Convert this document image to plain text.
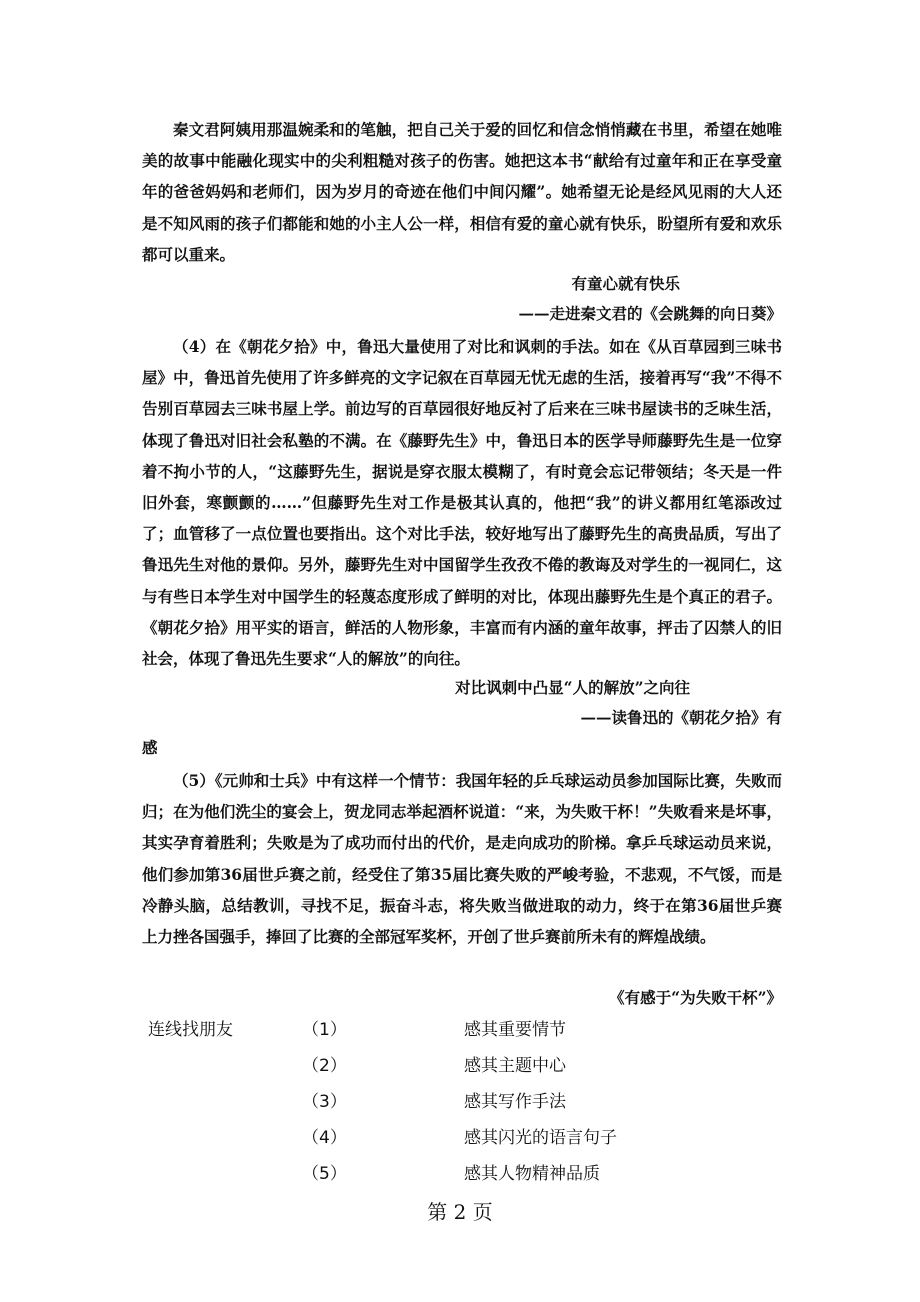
秦文君阿姨用那温婉柔和的笔触，把自己关于爱的回忆和信念悄悄藏在书里，希望在她唯美的故事中能融化现实中的尖利粗糙对孩子的伤害。她把这本书“献给有过童年和正在享受童年的爸爸妈妈和老师们，因为岁月的奇迹在他们中间闪耀”。她希望无论是经风见雨的大人还是不知风雨的孩子们都能和她的小主人公一样，相信有爱的童心就有快乐，盼望所有爱和欢乐都可以重来。

有童心就有快乐

——走进秦文君的《会跳舞的向日葵》

（4）在《朝花夕拾》中，鲁迅大量使用了对比和讽刺的手法。如在《从百草园到三味书屋》中，鲁迅首先使用了许多鲜亮的文字记叙在百草园无忧无虑的生活，接着再写“我”不得不告别百草园去三味书屋上学。前边写的百草园很好地反衬了后来在三味书屋读书的乏味生活，体现了鲁迅对旧社会私塾的不满。在《藤野先生》中，鲁迅日本的医学导师藤野先生是一位穿着不拘小节的人，“这藤野先生，据说是穿衣服太模糊了，有时竟会忘记带领结；冬天是一件旧外套，寒颤颤的……”但藤野先生对工作是极其认真的，他把“我”的讲义都用红笔添改过了；血管移了一点位置也要指出。这个对比手法，较好地写出了藤野先生的高贵品质，写出了鲁迅先生对他的景仰。另外，藤野先生对中国留学生孜孜不倦的教诲及对学生的一视同仁，这与有些日本学生对中国学生的轻蔑态度形成了鲜明的对比，体现出藤野先生是个真正的君子。《朝花夕拾》用平实的语言，鲜活的人物形象，丰富而有内涵的童年故事，抨击了囚禁人的旧社会，体现了鲁迅先生要求“人的解放”的向往。

对比讽刺中凸显“人的解放”之向往

——读鲁迅的《朝花夕拾》有

感

（5）《元帅和士兵》中有这样一个情节：我国年轻的乒乓球运动员参加国际比赛，失败而归；在为他们洗尘的宴会上，贺龙同志举起酒杯说道：“来，为失败干杯！”失败看来是坏事，其实孕育着胜利；失败是为了成功而付出的代价，是走向成功的阶梯。拿乒乓球运动员来说，他们参加第36届世乒赛之前，经受住了第35届比赛失败的严峻考验，不悲观，不气馁，而是冷静头脑，总结教训，寻找不足，振奋斗志，将失败当做进取的动力，终于在第36届世乒赛上力挫各国强手，捧回了比赛的全部冠军奖杯，开创了世乒赛前所未有的辉煌战绩。

《有感于“为失败干杯”》

连线找朋友	（1）
（2）
（3）
（4）
（5）
感其重要情节
感其主题中心
感其写作手法
感其闪光的语言句子
感其人物精神品质
第 2 页
